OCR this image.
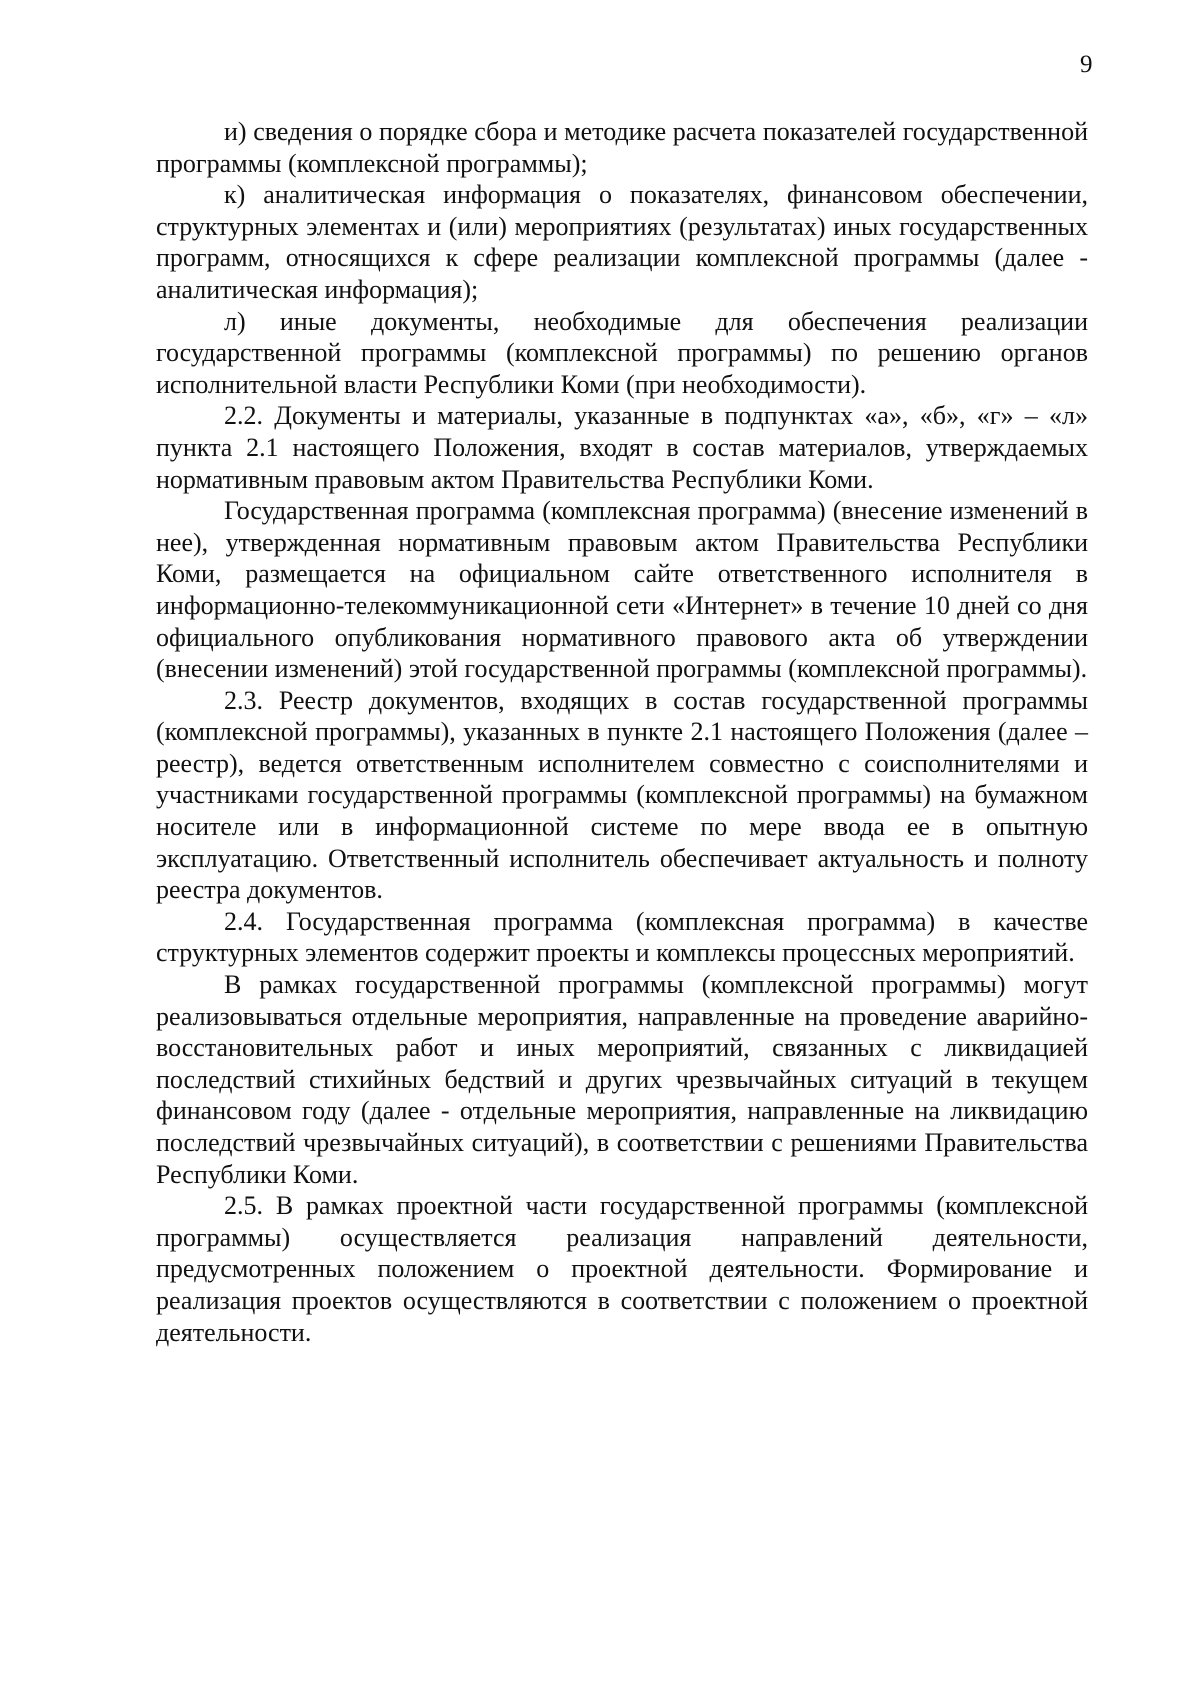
9

и) сведения о порядке сбора и методике расчета показателей государственной программы (комплексной программы);

к) аналитическая информация о показателях, финансовом обеспечении, структурных элементах и (или) мероприятиях (результатах) иных государственных программ, относящихся к сфере реализации комплексной программы (далее - аналитическая информация);

л) иные документы, необходимые для обеспечения реализации государственной программы (комплексной программы) по решению органов исполнительной власти Республики Коми (при необходимости).

2.2. Документы и материалы, указанные в подпунктах «а», «б», «г» – «л» пункта 2.1 настоящего Положения, входят в состав материалов, утверждаемых нормативным правовым актом Правительства Республики Коми.

Государственная программа (комплексная программа) (внесение изменений в нее), утвержденная нормативным правовым актом Правительства Республики Коми, размещается на официальном сайте ответственного исполнителя в информационно-телекоммуникационной сети «Интернет» в течение 10 дней со дня официального опубликования нормативного правового акта об утверждении (внесении изменений) этой государственной программы (комплексной программы).

2.3. Реестр документов, входящих в состав государственной программы (комплексной программы), указанных в пункте 2.1 настоящего Положения (далее – реестр), ведется ответственным исполнителем совместно с соисполнителями и участниками государственной программы (комплексной программы) на бумажном носителе или в информационной системе по мере ввода ее в опытную эксплуатацию. Ответственный исполнитель обеспечивает актуальность и полноту реестра документов.

2.4. Государственная программа (комплексная программа) в качестве структурных элементов содержит проекты и комплексы процессных мероприятий.

В рамках государственной программы (комплексной программы) могут реализовываться отдельные мероприятия, направленные на проведение аварийно-восстановительных работ и иных мероприятий, связанных с ликвидацией последствий стихийных бедствий и других чрезвычайных ситуаций в текущем финансовом году (далее - отдельные мероприятия, направленные на ликвидацию последствий чрезвычайных ситуаций), в соответствии с решениями Правительства Республики Коми.

2.5. В рамках проектной части государственной программы (комплексной программы) осуществляется реализация направлений деятельности, предусмотренных положением о проектной деятельности. Формирование и реализация проектов осуществляются в соответствии с положением о проектной деятельности.
